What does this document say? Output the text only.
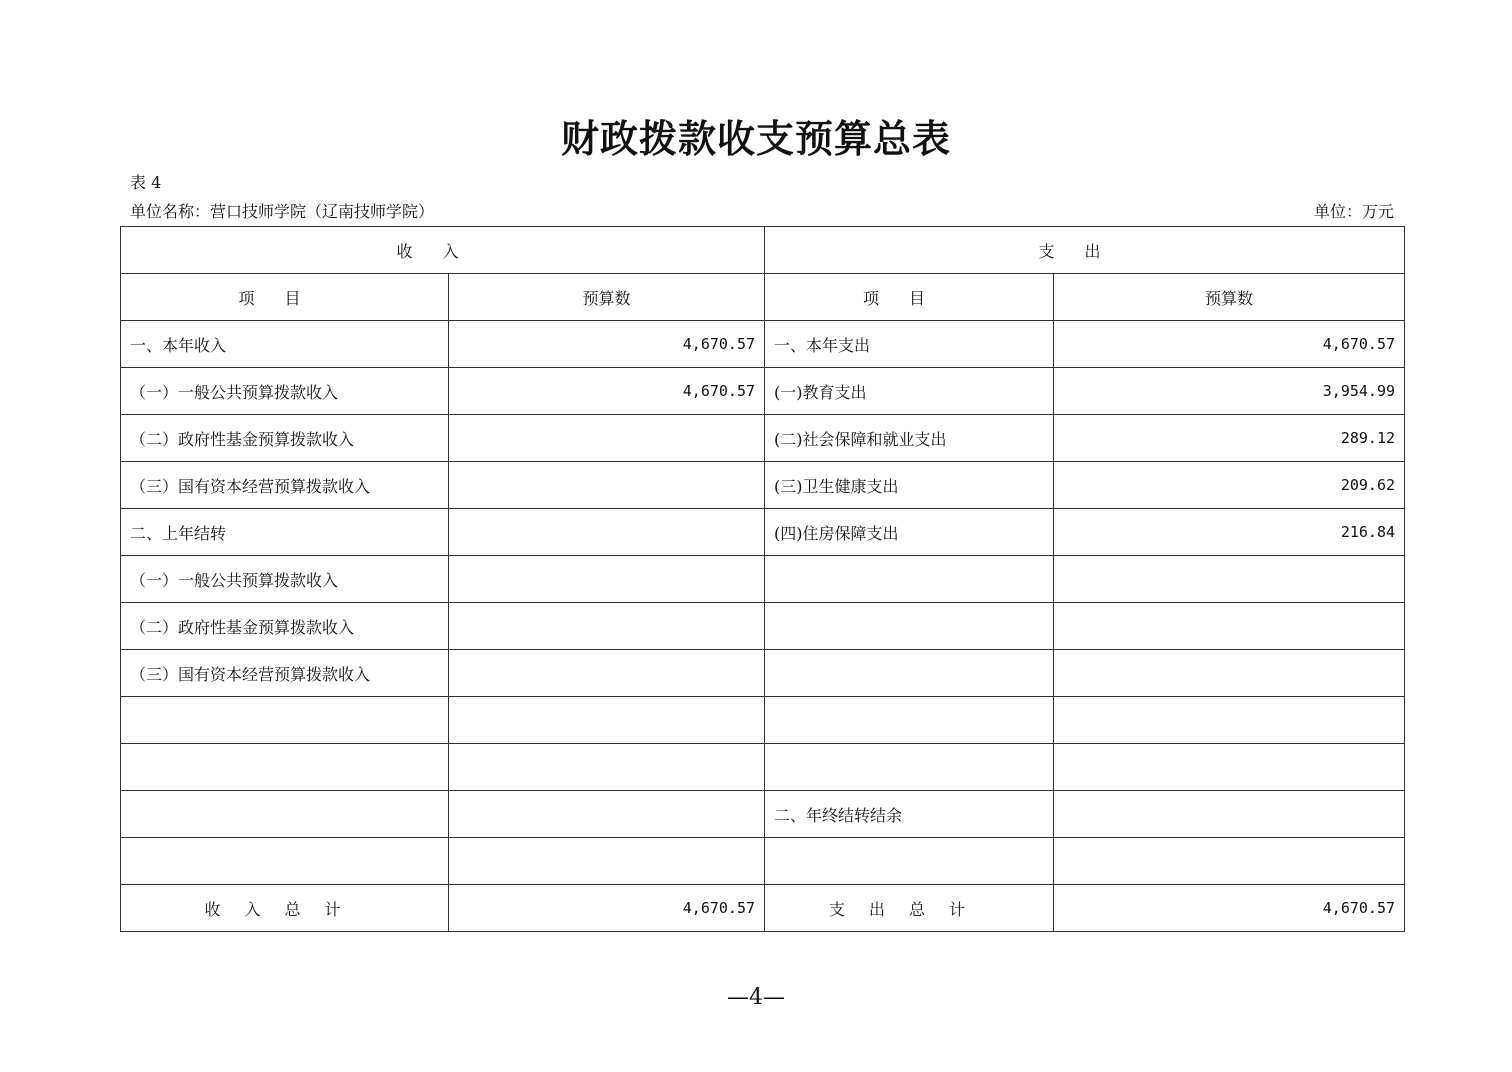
财政拨款收支预算总表
表 4
单位名称：营口技师学院（辽南技师学院）	单位：万元
收入		支出	
项目	预算数	项目	预算数
一、本年收入	4,670.57	一、本年支出	4,670.57
（一）一般公共预算拨款收入	4,670.57	(一)教育支出	3,954.99
（二）政府性基金预算拨款收入		(二)社会保障和就业支出	289.12
（三）国有资本经营预算拨款收入		(三)卫生健康支出	209.62
二、上年结转		(四)住房保障支出	216.84
（一）一般公共预算拨款收入			
（二）政府性基金预算拨款收入			
（三）国有资本经营预算拨款收入			

		二、年终结转结余	

收入总计	4,670.57	支出总计	4,670.57
—4—
